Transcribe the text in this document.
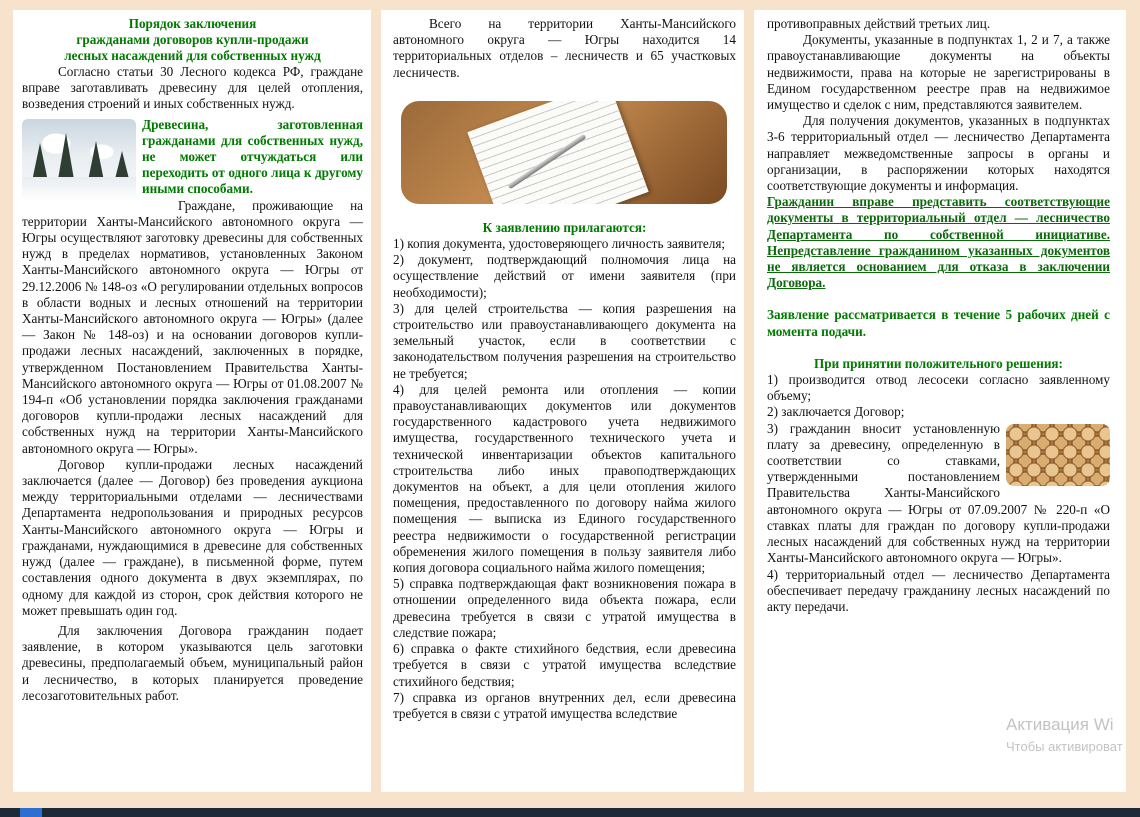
Порядок заключения
гражданами договоров купли-продажи
лесных насаждений для собственных нужд

Согласно статьи 30 Лесного кодекса РФ, граждане вправе заготавливать древесину для целей отопления, возведения строений и иных собственных нужд.

Древесина, заготовленная гражданами для собственных нужд, не может отчуждаться или переходить от одного лица к другому иными способами.

Граждане, проживающие на территории Ханты-Мансийского автономного округа — Югры осуществляют заготовку древесины для собственных нужд в пределах нормативов, установленных Законом Ханты-Мансийского автономного округа — Югры от 29.12.2006 № 148-оз «О регулировании отдельных вопросов в области водных и лесных отношений на территории Ханты-Мансийского автономного округа — Югры» (далее — Закон № 148-оз) и на основании договоров купли-продажи лесных насаждений, заключенных в порядке, утвержденном Постановлением Правительства Ханты-Мансийского автономного округа — Югры от 01.08.2007 № 194-п «Об установлении порядка заключения гражданами договоров купли-продажи лесных насаждений для собственных нужд на территории Ханты-Мансийского автономного округа — Югры».

Договор купли-продажи лесных насаждений заключается (далее — Договор) без проведения аукциона между территориальными отделами — лесничествами Департамента недропользования и природных ресурсов Ханты-Мансийского автономного округа — Югры и гражданами, нуждающимися в древесине для собственных нужд (далее — граждане), в письменной форме, путем составления одного документа в двух экземплярах, по одному для каждой из сторон, срок действия которого не может превышать один год.

Для заключения Договора гражданин подает заявление, в котором указываются цель заготовки древесины, предполагаемый объем, муниципальный район и лесничество, в которых планируется проведение лесозаготовительных работ.

Всего на территории Ханты-Мансийского автономного округа — Югры находится 14 территориальных отделов – лесничеств и 65 участковых лесничеств.

К заявлению прилагаются:

1) копия документа, удостоверяющего личность заявителя;

2) документ, подтверждающий полномочия лица на осуществление действий от имени заявителя (при необходимости);

3) для целей строительства — копия разрешения на строительство или правоустанавливающего документа на земельный участок, если в соответствии с законодательством получения разрешения на строительство не требуется;

4) для целей ремонта или отопления — копии правоустанавливающих документов или документов государственного кадастрового учета недвижимого имущества, государственного технического учета и технической инвентаризации объектов капитального строительства либо иных правоподтверждающих документов на объект, а для цели отопления жилого помещения, предоставленного по договору найма жилого помещения — выписка из Единого государственного реестра недвижимости о государственной регистрации обременения жилого помещения в пользу заявителя либо копия договора социального найма жилого помещения;

5) справка подтверждающая факт возникновения пожара в отношении определенного вида объекта пожара, если древесина требуется в связи с утратой имущества в следствие пожара;

6) справка о факте стихийного бедствия, если древесина требуется в связи с утратой имущества вследствие стихийного бедствия;

7) справка из органов внутренних дел, если древесина требуется в связи с утратой имущества вследствие

противоправных действий третьих лиц.

Документы, указанные в подпунктах 1, 2 и 7, а также правоустанавливающие документы на объекты недвижимости, права на которые не зарегистрированы в Едином государственном реестре прав на недвижимое имущество и сделок с ним, представляются заявителем.

Для получения документов, указанных в подпунктах 3-6 территориальный отдел — лесничество Департамента направляет межведомственные запросы в органы и организации, в распоряжении которых находятся соответствующие документы и информация.

Гражданин вправе представить соответствующие документы в территориальный отдел — лесничество Департамента по собственной инициативе. Непредставление гражданином указанных документов не является основанием для отказа в заключении Договора.

Заявление рассматривается в течение 5 рабочих дней с момента подачи.

При принятии положительного решения:

1) производится отвод лесосеки согласно заявленному объему;

2) заключается Договор;

3) гражданин вносит установленную плату за древесину, определенную в соответствии со ставками, утвержденными постановлением Правительства Ханты-Мансийского автономного округа — Югры от 07.09.2007 № 220-п «О ставках платы для граждан по договору купли-продажи лесных насаждений для собственных нужд на территории Ханты-Мансийского автономного округа — Югры».

4) территориальный отдел — лесничество Департамента обеспечивает передачу гражданину лесных насаждений по акту передачи.

Активация Wi
Чтобы активироват
